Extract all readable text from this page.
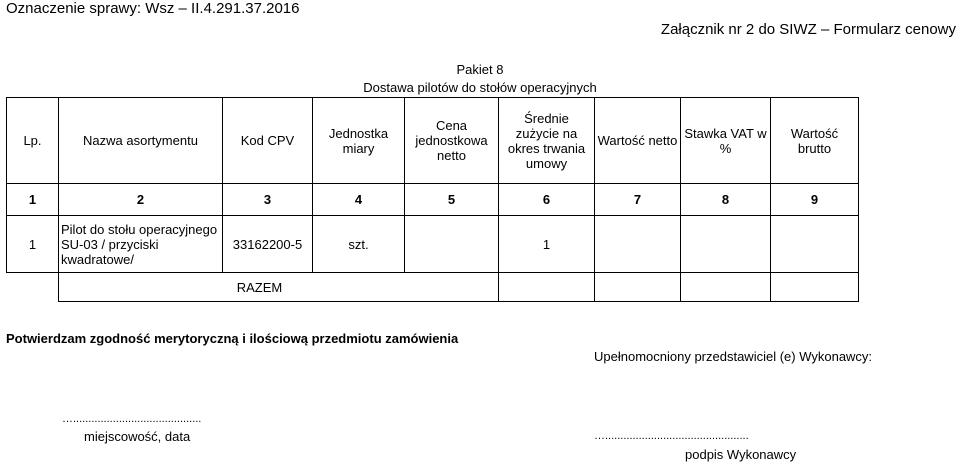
Oznaczenie sprawy: Wsz – II.4.291.37.2016
Załącznik nr 2 do SIWZ – Formularz cenowy
Pakiet 8
Dostawa pilotów do stołów operacyjnych
Lp.	Nazwa asortymentu	Kod CPV	Jednostka miary	Cena jednostkowa netto	Średnie zużycie na okres trwania umowy	Wartość netto	Stawka VAT w %	Wartość brutto
1	2	3	4	5	6	7	8	9
1	Pilot do stołu operacyjnego SU-03 / przyciski kwadratowe/	33162200-5	szt.		1			
	RAZEM							
Potwierdzam zgodność merytoryczną i ilościową przedmiotu zamówienia
Upełnomocniony przedstawiciel (e) Wykonawcy:
…..........................................
miejscowość, data	…...............................................
podpis Wykonawcy
